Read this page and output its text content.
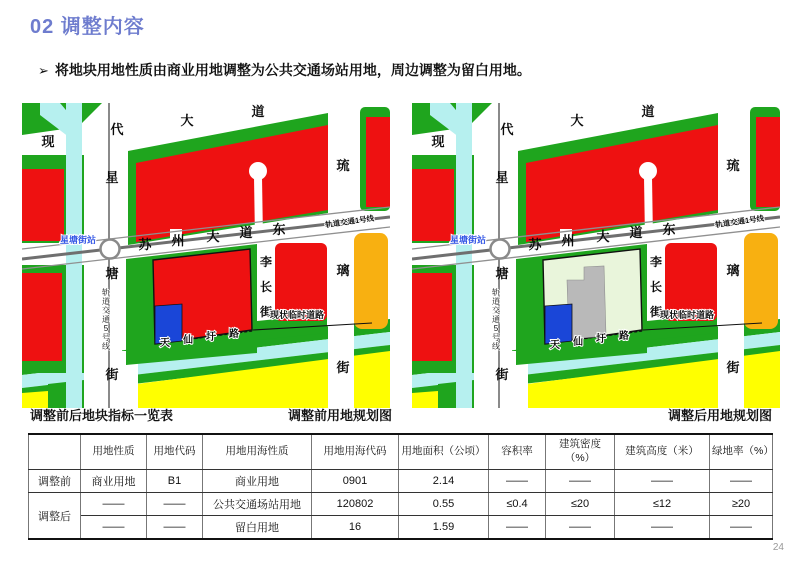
02 调整内容
➢ 将地块用地性质由商业用地调整为公共交通场站用地，周边调整为留白用地。
现
代
大
道
星
塘
街
苏 州 大 道 东
李
长
街
琉
璃
街
天 仙 圩 路
轨道交通1号线
轨
道
交
通
5
号
线
星塘街站
现状临时道路
现
代
大
道
星
塘
街
苏 州 大 道 东
李
长
街
琉
璃
街
天 仙 圩 路
轨道交通1号线
轨
道
交
通
5
号
线
星塘街站
现状临时道路
调整前后地块指标一览表	调整前用地规划图	调整后用地规划图
	用地性质	用地代码	用地用海性质	用地用海代码	用地面积（公顷）	容积率	建筑密度（%）	建筑高度（米）	绿地率（%）
调整前	商业用地	B1	商业用地	0901	2.14	——	——	——	——
调整后	——	——	公共交通场站用地	120802	0.55	≤0.4	≤20	≤12	≥20
	——	——	留白用地	16	1.59	——	——	——	——
24
